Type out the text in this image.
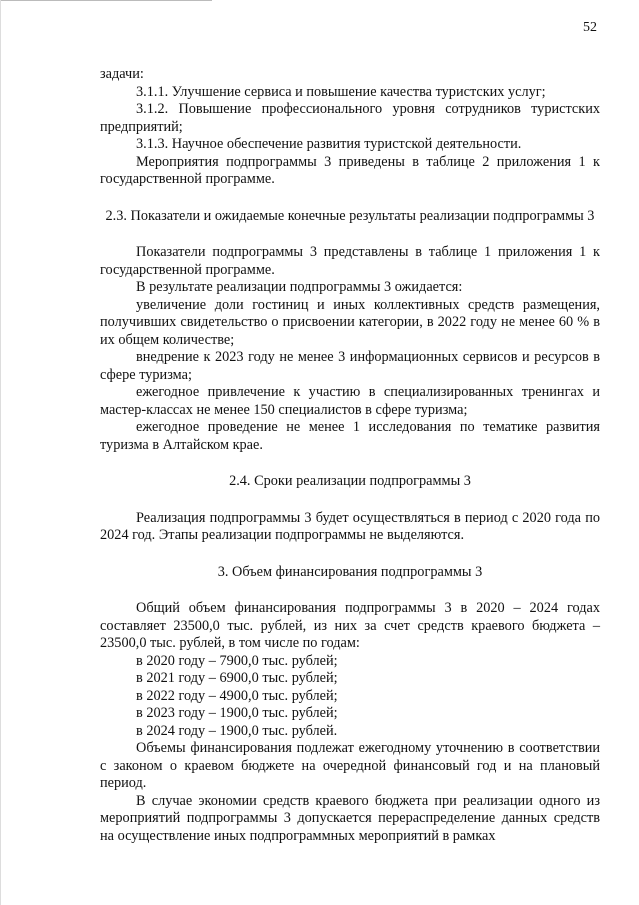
52

задачи:

3.1.1. Улучшение сервиса и повышение качества туристских услуг;

3.1.2. Повышение профессионального уровня сотрудников туристских предприятий;

3.1.3. Научное обеспечение развития туристской деятельности.

Мероприятия подпрограммы 3 приведены в таблице 2 приложения 1 к государственной программе.

2.3. Показатели и ожидаемые конечные результаты реализации подпрограммы 3

Показатели подпрограммы 3 представлены в таблице 1 приложения 1 к государственной программе.

В результате реализации подпрограммы 3 ожидается:

увеличение доли гостиниц и иных коллективных средств размещения, получивших свидетельство о присвоении категории, в 2022 году не менее 60 % в их общем количестве;

внедрение к 2023 году не менее 3 информационных сервисов и ресурсов в сфере туризма;

ежегодное привлечение к участию в специализированных тренингах и мастер-классах не менее 150 специалистов в сфере туризма;

ежегодное проведение не менее 1 исследования по тематике развития туризма в Алтайском крае.

2.4. Сроки реализации подпрограммы 3

Реализация подпрограммы 3 будет осуществляться в период с 2020 года по 2024 год. Этапы реализации подпрограммы не выделяются.

3. Объем финансирования подпрограммы 3

Общий объем финансирования подпрограммы 3 в 2020 – 2024 годах составляет 23500,0 тыс. рублей, из них за счет средств краевого бюджета – 23500,0 тыс. рублей, в том числе по годам:

в 2020 году – 7900,0 тыс. рублей;

в 2021 году – 6900,0 тыс. рублей;

в 2022 году – 4900,0 тыс. рублей;

в 2023 году – 1900,0 тыс. рублей;

в 2024 году – 1900,0 тыс. рублей.

Объемы финансирования подлежат ежегодному уточнению в соответствии с законом о краевом бюджете на очередной финансовый год и на плановый период.

В случае экономии средств краевого бюджета при реализации одного из мероприятий подпрограммы 3 допускается перераспределение данных средств на осуществление иных подпрограммных мероприятий в рамках
